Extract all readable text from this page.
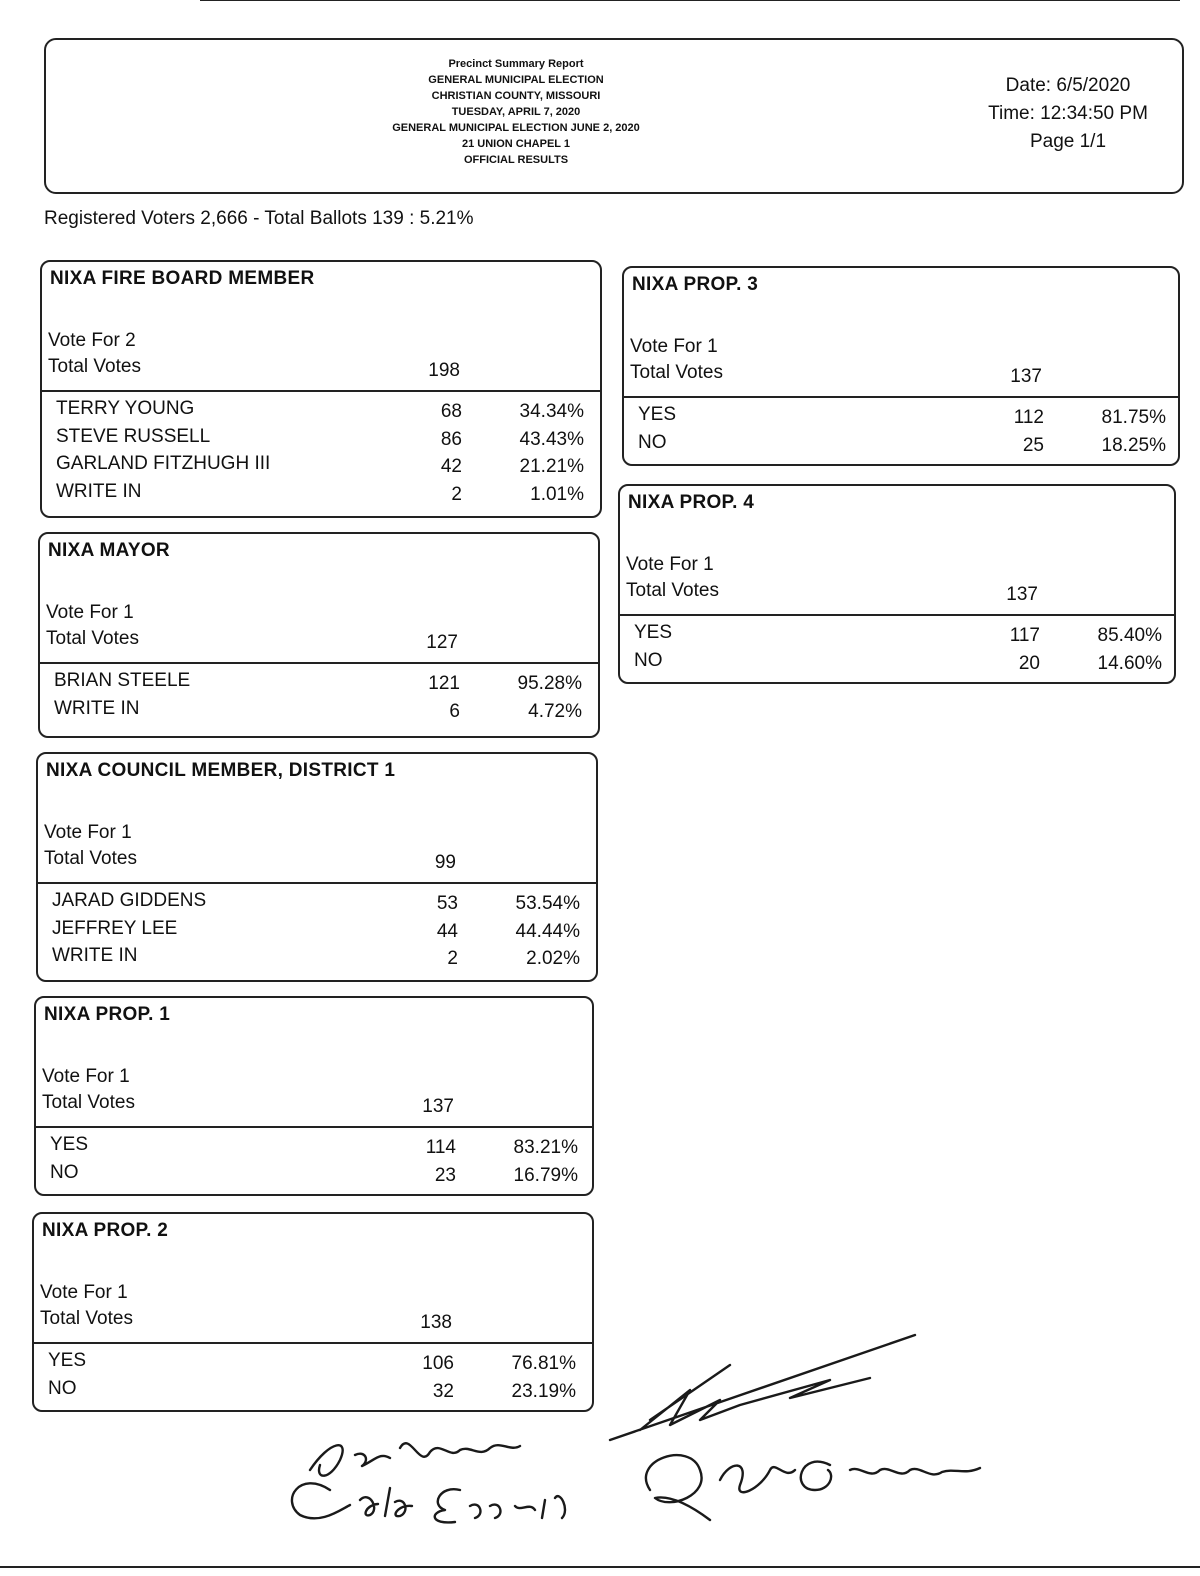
Precinct Summary Report
GENERAL MUNICIPAL ELECTION
CHRISTIAN COUNTY, MISSOURI
TUESDAY, APRIL 7, 2020
GENERAL MUNICIPAL ELECTION JUNE 2, 2020
21 UNION CHAPEL 1
OFFICIAL RESULTS
Date: 6/5/2020
Time: 12:34:50 PM
Page 1/1
Registered Voters 2,666 - Total Ballots 139 : 5.21%
NIXA FIRE BOARD MEMBER
Vote For 2
Total Votes	198
TERRY YOUNG	68	34.34%
STEVE RUSSELL	86	43.43%
GARLAND FITZHUGH III	42	21.21%
WRITE IN	2	1.01%
NIXA MAYOR
Vote For 1
Total Votes	127
BRIAN STEELE	121	95.28%
WRITE IN	6	4.72%
NIXA COUNCIL MEMBER, DISTRICT 1
Vote For 1
Total Votes	99
JARAD GIDDENS	53	53.54%
JEFFREY LEE	44	44.44%
WRITE IN	2	2.02%
NIXA PROP. 1
Vote For 1
Total Votes	137
YES	114	83.21%
NO	23	16.79%
NIXA PROP. 2
Vote For 1
Total Votes	138
YES	106	76.81%
NO	32	23.19%
NIXA PROP. 3
Vote For 1
Total Votes	137
YES	112	81.75%
NO	25	18.25%
NIXA PROP. 4
Vote For 1
Total Votes	137
YES	117	85.40%
NO	20	14.60%
